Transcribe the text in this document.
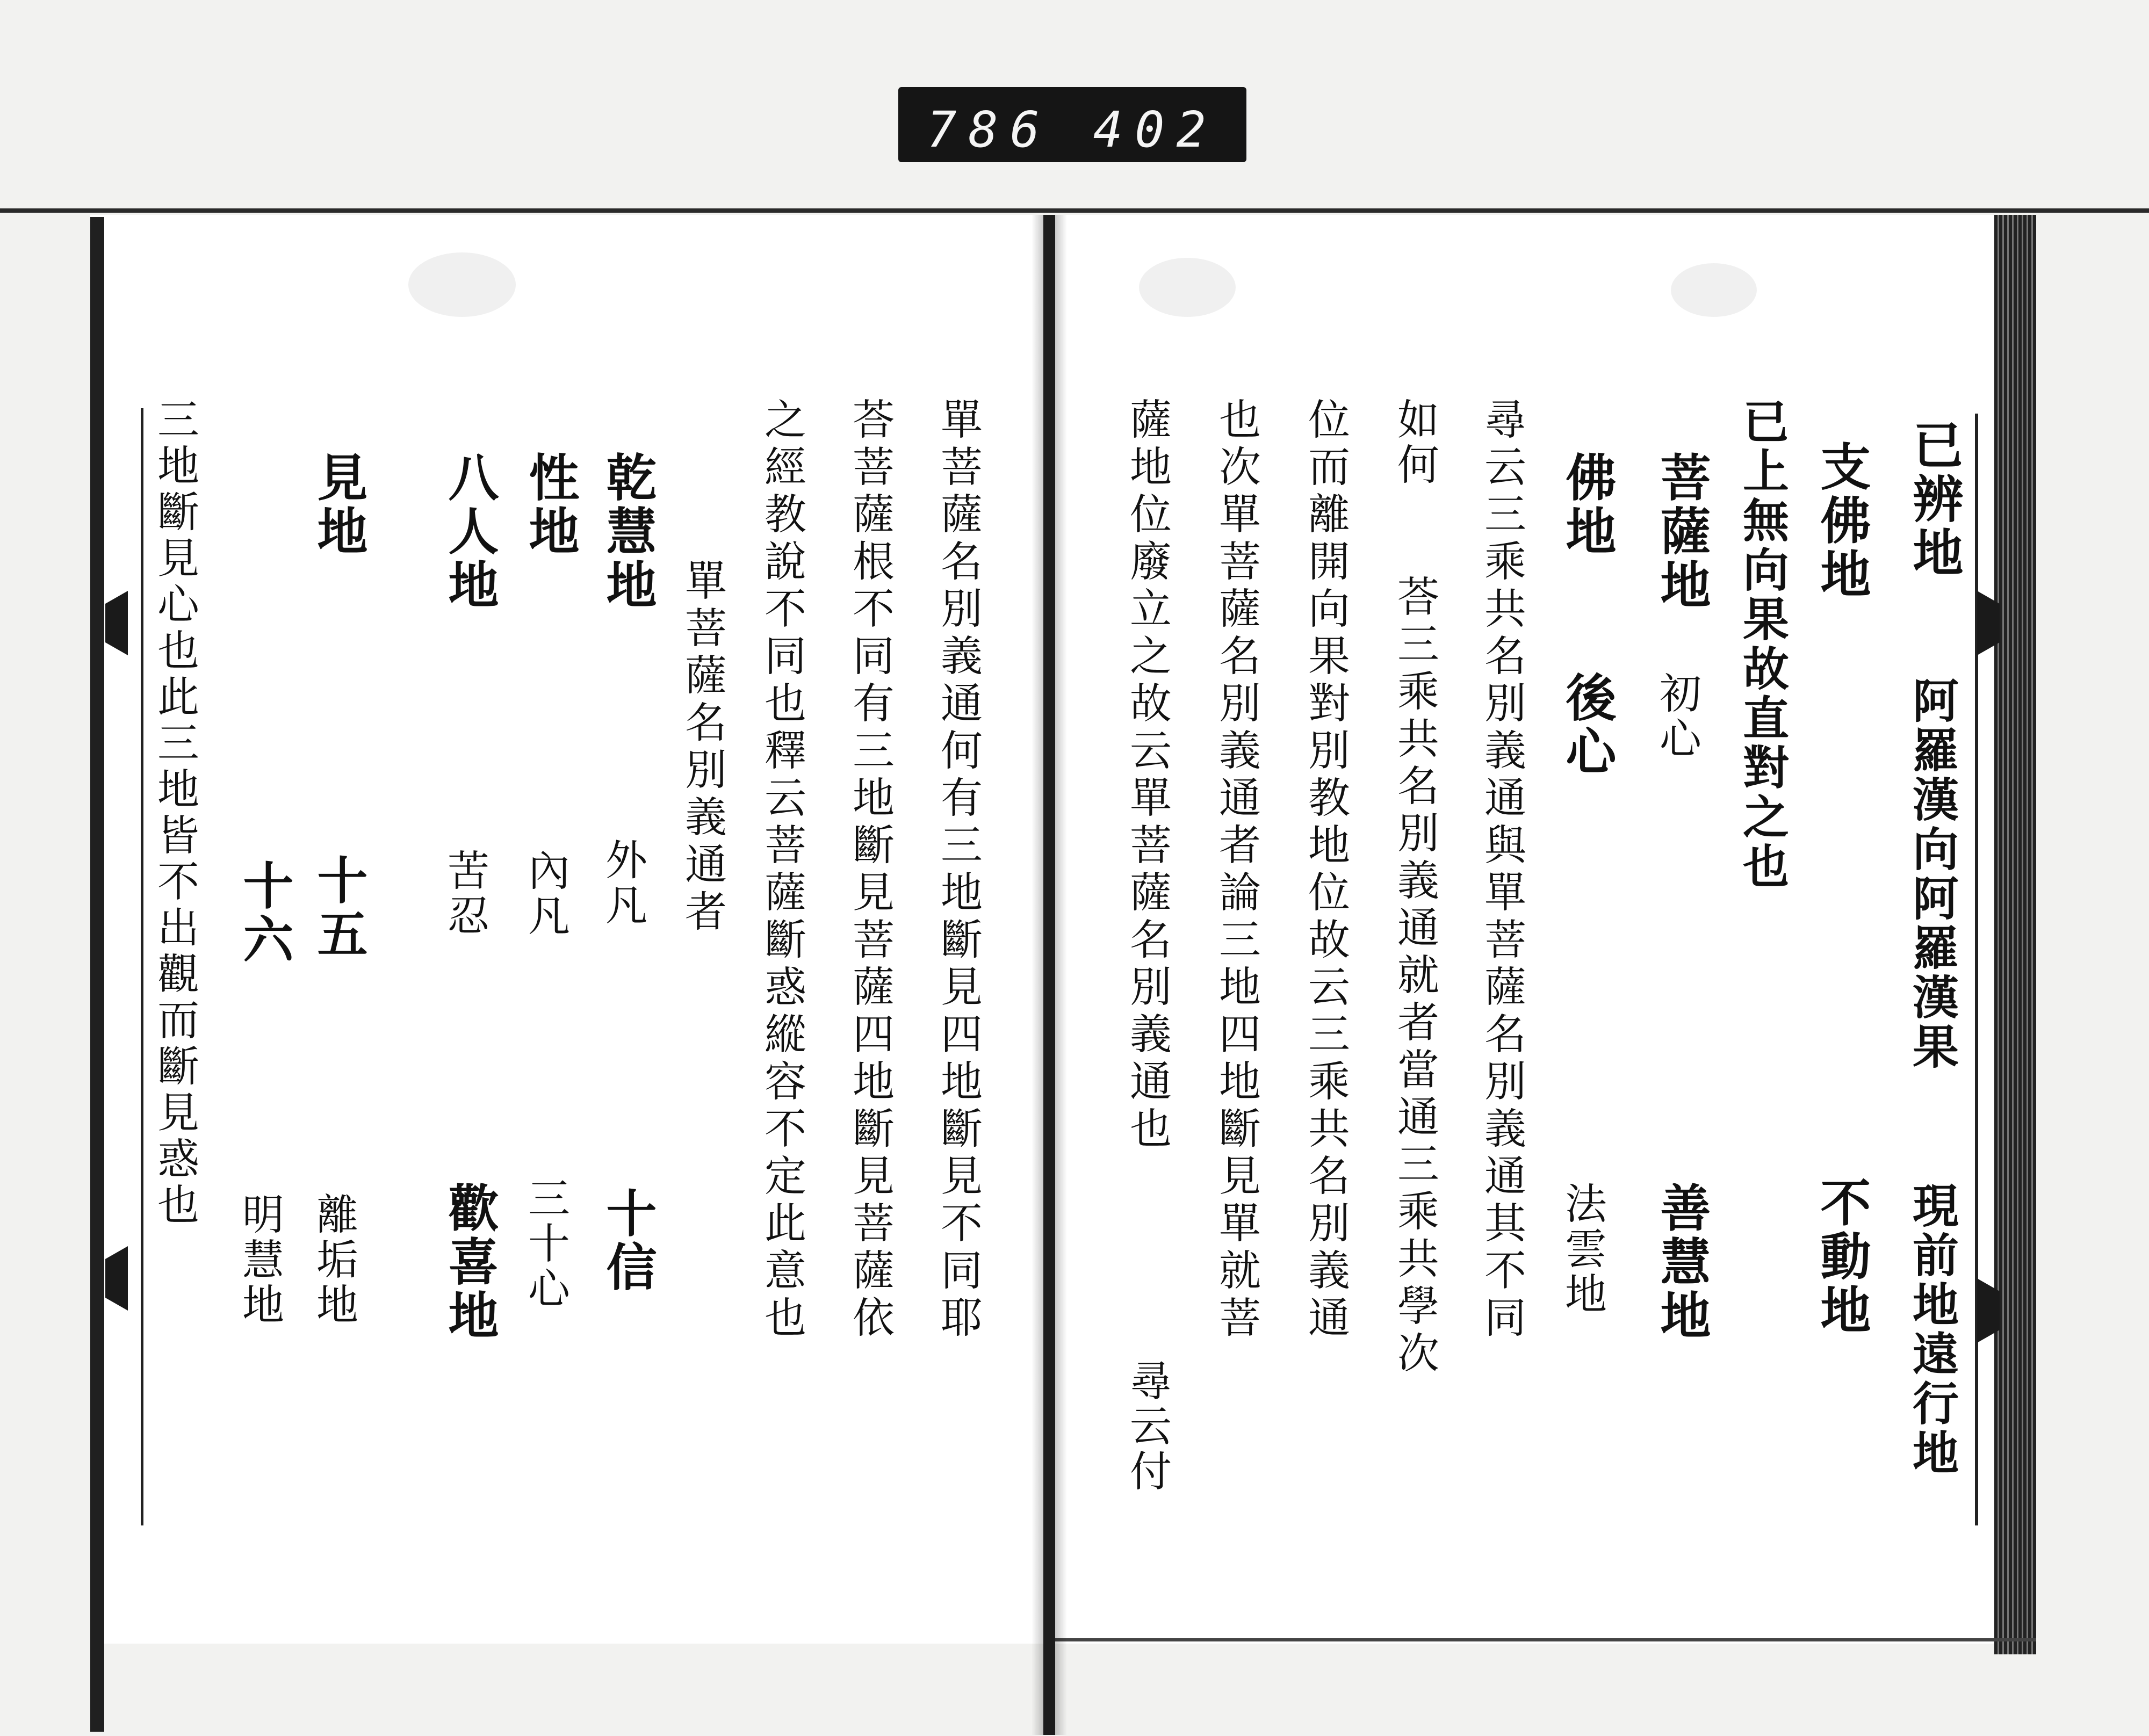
786 402
已辨地
阿羅漢向阿羅漢果
現前地遠行地
支佛地
不動地
已上無向果故直對之也
菩薩地
初心
善慧地
佛地
後心
法雲地
尋云三乘共名別義通與單菩薩名別義通其不同
如何
荅三乘共名別義通就者當通三乘共學次
位而離開向果對別教地位故云三乘共名別義通
也次單菩薩名別義通者論三地四地斷見單就菩
薩地位廢立之故云單菩薩名別義通也
尋云付
單菩薩名別義通何有三地斷見四地斷見不同耶
荅菩薩根不同有三地斷見菩薩四地斷見菩薩依
之經教說不同也釋云菩薩斷惑縱容不定此意也
單菩薩名別義通者
乾慧地
外凡
十信
性地
內凡
三十心
八人地
苦忍
歡喜地
見地
十五
離垢地
十六
明慧地
三地斷見心也此三地皆不出觀而斷見惑也
